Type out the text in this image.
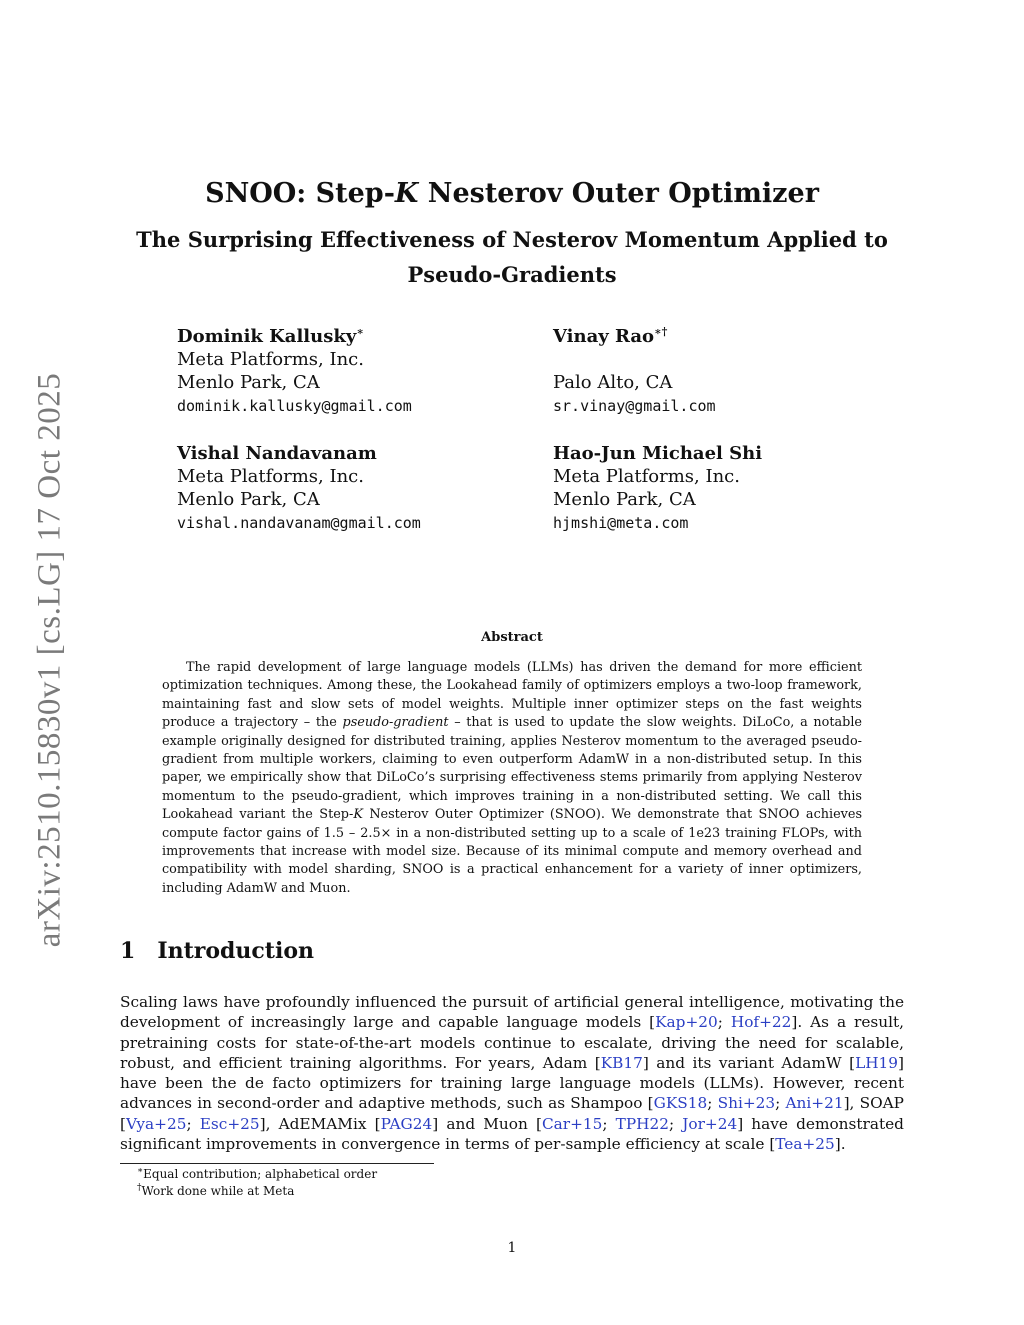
arXiv:2510.15830v1 [cs.LG] 17 Oct 2025
SNOO: Step-K Nesterov Outer Optimizer
The Surprising Effectiveness of Nesterov Momentum Applied to Pseudo-Gradients
Dominik Kallusky∗
Meta Platforms, Inc.
Menlo Park, CA
dominik.kallusky@gmail.com
Vinay Rao∗†
Palo Alto, CA
sr.vinay@gmail.com
Vishal Nandavanam
Meta Platforms, Inc.
Menlo Park, CA
vishal.nandavanam@gmail.com
Hao-Jun Michael Shi
Meta Platforms, Inc.
Menlo Park, CA
hjmshi@meta.com
Abstract
The rapid development of large language models (LLMs) has driven the demand for more efficient optimization techniques. Among these, the Lookahead family of optimizers employs a two-loop framework, maintaining fast and slow sets of model weights. Multiple inner optimizer steps on the fast weights produce a trajectory – the pseudo-gradient – that is used to update the slow weights. DiLoCo, a notable example originally designed for distributed training, applies Nesterov momentum to the averaged pseudo-gradient from multiple workers, claiming to even outperform AdamW in a non-distributed setup. In this paper, we empirically show that DiLoCo’s surprising effectiveness stems primarily from applying Nesterov momentum to the pseudo-gradient, which improves training in a non-distributed setting. We call this Lookahead variant the Step-K Nesterov Outer Optimizer (SNOO). We demonstrate that SNOO achieves compute factor gains of 1.5 – 2.5× in a non-distributed setting up to a scale of 1e23 training FLOPs, with improvements that increase with model size. Because of its minimal compute and memory overhead and compatibility with model sharding, SNOO is a practical enhancement for a variety of inner optimizers, including AdamW and Muon.
1 Introduction
Scaling laws have profoundly influenced the pursuit of artificial general intelligence, motivating the development of increasingly large and capable language models [Kap+20; Hof+22]. As a result, pretraining costs for state-of-the-art models continue to escalate, driving the need for scalable, robust, and efficient training algorithms. For years, Adam [KB17] and its variant AdamW [LH19] have been the de facto optimizers for training large language models (LLMs). However, recent advances in second-order and adaptive methods, such as Shampoo [GKS18; Shi+23; Ani+21], SOAP [Vya+25; Esc+25], AdEMAMix [PAG24] and Muon [Car+15; TPH22; Jor+24] have demonstrated significant improvements in convergence in terms of per-sample efficiency at scale [Tea+25].
∗Equal contribution; alphabetical order
†Work done while at Meta
1
